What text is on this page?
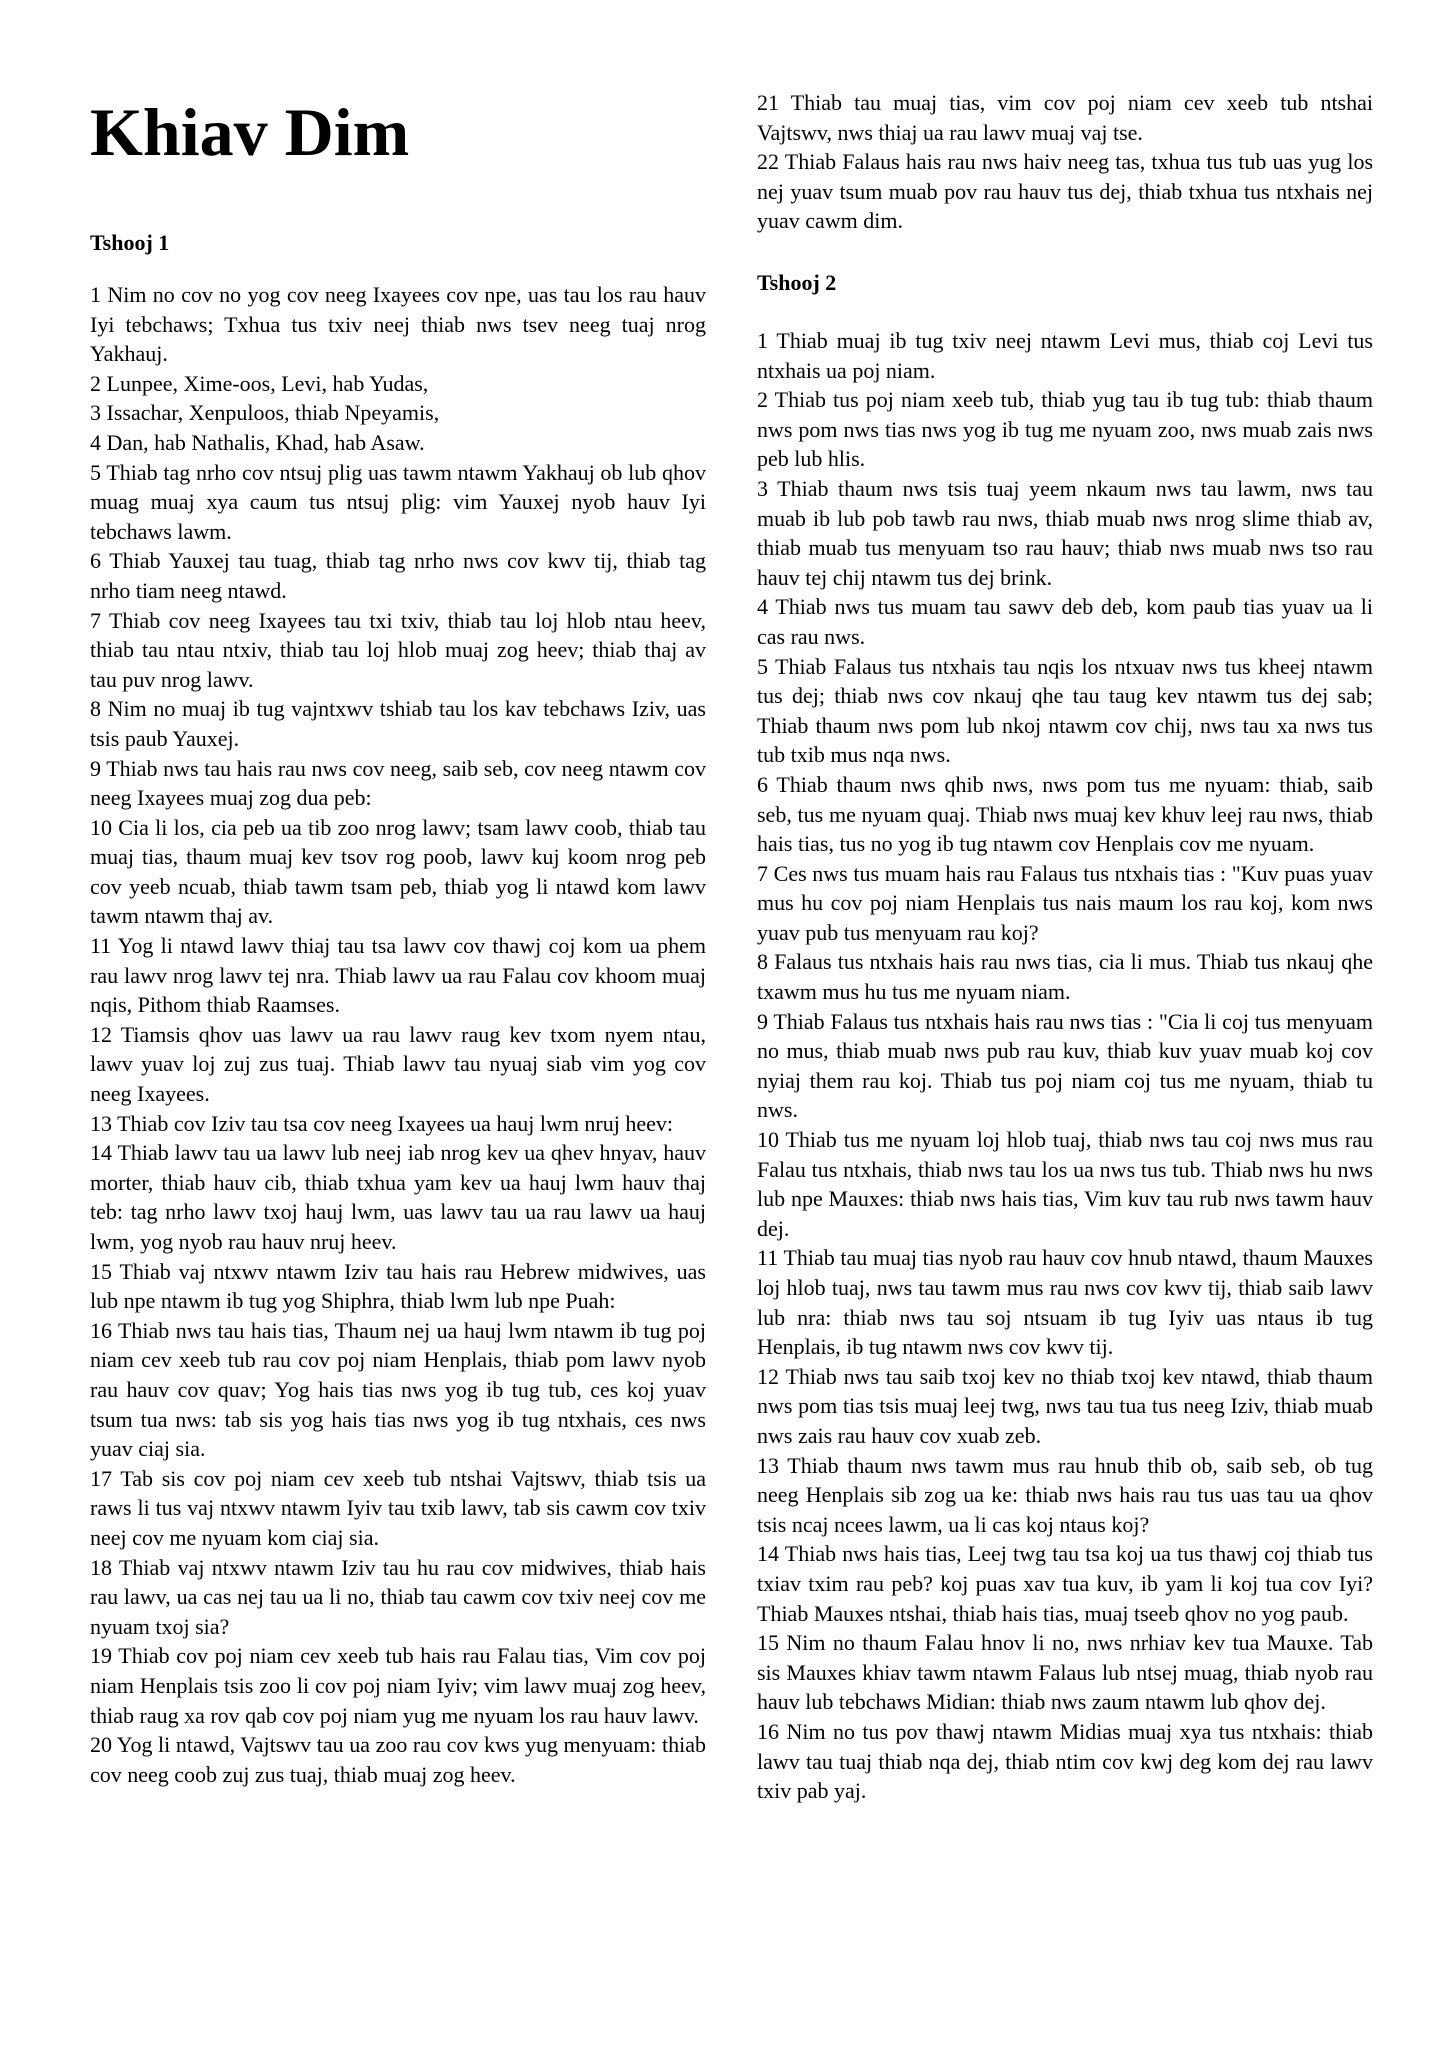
Khiav Dim
Tshooj 1

1 Nim no cov no yog cov neeg Ixayees cov npe, uas tau los rau hauv Iyi tebchaws; Txhua tus txiv neej thiab nws tsev neeg tuaj nrog Yakhauj.

2 Lunpee, Xime-oos, Levi, hab Yudas,

3 Issachar, Xenpuloos, thiab Npeyamis,

4 Dan, hab Nathalis, Khad, hab Asaw.

5 Thiab tag nrho cov ntsuj plig uas tawm ntawm Yakhauj ob lub qhov muag muaj xya caum tus ntsuj plig: vim Yauxej nyob hauv Iyi tebchaws lawm.

6 Thiab Yauxej tau tuag, thiab tag nrho nws cov kwv tij, thiab tag nrho tiam neeg ntawd.

7 Thiab cov neeg Ixayees tau txi txiv, thiab tau loj hlob ntau heev, thiab tau ntau ntxiv, thiab tau loj hlob muaj zog heev; thiab thaj av tau puv nrog lawv.

8 Nim no muaj ib tug vajntxwv tshiab tau los kav tebchaws Iziv, uas tsis paub Yauxej.

9 Thiab nws tau hais rau nws cov neeg, saib seb, cov neeg ntawm cov neeg Ixayees muaj zog dua peb:

10 Cia li los, cia peb ua tib zoo nrog lawv; tsam lawv coob, thiab tau muaj tias, thaum muaj kev tsov rog poob, lawv kuj koom nrog peb cov yeeb ncuab, thiab tawm tsam peb, thiab yog li ntawd kom lawv tawm ntawm thaj av.

11 Yog li ntawd lawv thiaj tau tsa lawv cov thawj coj kom ua phem rau lawv nrog lawv tej nra. Thiab lawv ua rau Falau cov khoom muaj nqis, Pithom thiab Raamses.

12 Tiamsis qhov uas lawv ua rau lawv raug kev txom nyem ntau, lawv yuav loj zuj zus tuaj. Thiab lawv tau nyuaj siab vim yog cov neeg Ixayees.

13 Thiab cov Iziv tau tsa cov neeg Ixayees ua hauj lwm nruj heev:

14 Thiab lawv tau ua lawv lub neej iab nrog kev ua qhev hnyav, hauv morter, thiab hauv cib, thiab txhua yam kev ua hauj lwm hauv thaj teb: tag nrho lawv txoj hauj lwm, uas lawv tau ua rau lawv ua hauj lwm, yog nyob rau hauv nruj heev.

15 Thiab vaj ntxwv ntawm Iziv tau hais rau Hebrew midwives, uas lub npe ntawm ib tug yog Shiphra, thiab lwm lub npe Puah:

16 Thiab nws tau hais tias, Thaum nej ua hauj lwm ntawm ib tug poj niam cev xeeb tub rau cov poj niam Henplais, thiab pom lawv nyob rau hauv cov quav; Yog hais tias nws yog ib tug tub, ces koj yuav tsum tua nws: tab sis yog hais tias nws yog ib tug ntxhais, ces nws yuav ciaj sia.

17 Tab sis cov poj niam cev xeeb tub ntshai Vajtswv, thiab tsis ua raws li tus vaj ntxwv ntawm Iyiv tau txib lawv, tab sis cawm cov txiv neej cov me nyuam kom ciaj sia.

18 Thiab vaj ntxwv ntawm Iziv tau hu rau cov midwives, thiab hais rau lawv, ua cas nej tau ua li no, thiab tau cawm cov txiv neej cov me nyuam txoj sia?

19 Thiab cov poj niam cev xeeb tub hais rau Falau tias, Vim cov poj niam Henplais tsis zoo li cov poj niam Iyiv; vim lawv muaj zog heev, thiab raug xa rov qab cov poj niam yug me nyuam los rau hauv lawv.

20 Yog li ntawd, Vajtswv tau ua zoo rau cov kws yug menyuam: thiab cov neeg coob zuj zus tuaj, thiab muaj zog heev.

21 Thiab tau muaj tias, vim cov poj niam cev xeeb tub ntshai Vajtswv, nws thiaj ua rau lawv muaj vaj tse.

22 Thiab Falaus hais rau nws haiv neeg tas, txhua tus tub uas yug los nej yuav tsum muab pov rau hauv tus dej, thiab txhua tus ntxhais nej yuav cawm dim.

Tshooj 2

1 Thiab muaj ib tug txiv neej ntawm Levi mus, thiab coj Levi tus ntxhais ua poj niam.

2 Thiab tus poj niam xeeb tub, thiab yug tau ib tug tub: thiab thaum nws pom nws tias nws yog ib tug me nyuam zoo, nws muab zais nws peb lub hlis.

3 Thiab thaum nws tsis tuaj yeem nkaum nws tau lawm, nws tau muab ib lub pob tawb rau nws, thiab muab nws nrog slime thiab av, thiab muab tus menyuam tso rau hauv; thiab nws muab nws tso rau hauv tej chij ntawm tus dej brink.

4 Thiab nws tus muam tau sawv deb deb, kom paub tias yuav ua li cas rau nws.

5 Thiab Falaus tus ntxhais tau nqis los ntxuav nws tus kheej ntawm tus dej; thiab nws cov nkauj qhe tau taug kev ntawm tus dej sab; Thiab thaum nws pom lub nkoj ntawm cov chij, nws tau xa nws tus tub txib mus nqa nws.

6 Thiab thaum nws qhib nws, nws pom tus me nyuam: thiab, saib seb, tus me nyuam quaj. Thiab nws muaj kev khuv leej rau nws, thiab hais tias, tus no yog ib tug ntawm cov Henplais cov me nyuam.

7 Ces nws tus muam hais rau Falaus tus ntxhais tias : "Kuv puas yuav mus hu cov poj niam Henplais tus nais maum los rau koj, kom nws yuav pub tus menyuam rau koj?

8 Falaus tus ntxhais hais rau nws tias, cia li mus. Thiab tus nkauj qhe txawm mus hu tus me nyuam niam.

9 Thiab Falaus tus ntxhais hais rau nws tias : "Cia li coj tus menyuam no mus, thiab muab nws pub rau kuv, thiab kuv yuav muab koj cov nyiaj them rau koj. Thiab tus poj niam coj tus me nyuam, thiab tu nws.

10 Thiab tus me nyuam loj hlob tuaj, thiab nws tau coj nws mus rau Falau tus ntxhais, thiab nws tau los ua nws tus tub. Thiab nws hu nws lub npe Mauxes: thiab nws hais tias, Vim kuv tau rub nws tawm hauv dej.

11 Thiab tau muaj tias nyob rau hauv cov hnub ntawd, thaum Mauxes loj hlob tuaj, nws tau tawm mus rau nws cov kwv tij, thiab saib lawv lub nra: thiab nws tau soj ntsuam ib tug Iyiv uas ntaus ib tug Henplais, ib tug ntawm nws cov kwv tij.

12 Thiab nws tau saib txoj kev no thiab txoj kev ntawd, thiab thaum nws pom tias tsis muaj leej twg, nws tau tua tus neeg Iziv, thiab muab nws zais rau hauv cov xuab zeb.

13 Thiab thaum nws tawm mus rau hnub thib ob, saib seb, ob tug neeg Henplais sib zog ua ke: thiab nws hais rau tus uas tau ua qhov tsis ncaj ncees lawm, ua li cas koj ntaus koj?

14 Thiab nws hais tias, Leej twg tau tsa koj ua tus thawj coj thiab tus txiav txim rau peb? koj puas xav tua kuv, ib yam li koj tua cov Iyi? Thiab Mauxes ntshai, thiab hais tias, muaj tseeb qhov no yog paub.

15 Nim no thaum Falau hnov li no, nws nrhiav kev tua Mauxe. Tab sis Mauxes khiav tawm ntawm Falaus lub ntsej muag, thiab nyob rau hauv lub tebchaws Midian: thiab nws zaum ntawm lub qhov dej.

16 Nim no tus pov thawj ntawm Midias muaj xya tus ntxhais: thiab lawv tau tuaj thiab nqa dej, thiab ntim cov kwj deg kom dej rau lawv txiv pab yaj.
